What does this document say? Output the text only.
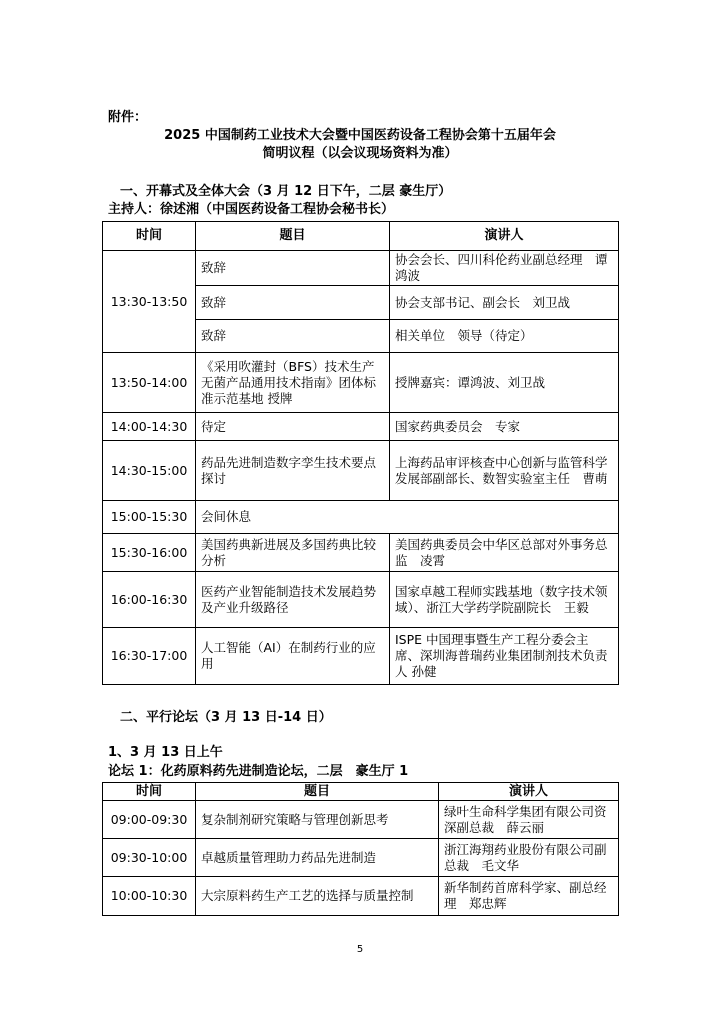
附件：
2025 中国制药工业技术大会暨中国医药设备工程协会第十五届年会
简明议程（以会议现场资料为准）
一、开幕式及全体大会（3 月 12 日下午，二层 豪生厅）
主持人：徐述湘（中国医药设备工程协会秘书长）
时间	题目	演讲人
13:30-13:50	致辞	协会会长、四川科伦药业副总经理　谭鸿波
	致辞	协会支部书记、副会长　刘卫战
	致辞	相关单位　领导（待定）
13:50-14:00	《采用吹灌封（BFS）技术生产无菌产品通用技术指南》团体标准示范基地 授牌	授牌嘉宾：谭鸿波、刘卫战
14:00-14:30	待定	国家药典委员会　专家
14:30-15:00	药品先进制造数字孪生技术要点探讨	上海药品审评核查中心创新与监管科学发展部副部长、数智实验室主任　曹萌
15:00-15:30	会间休息	
15:30-16:00	美国药典新进展及多国药典比较分析	美国药典委员会中华区总部对外事务总监　凌霄
16:00-16:30	医药产业智能制造技术发展趋势及产业升级路径	国家卓越工程师实践基地（数字技术领域）、浙江大学药学院副院长　王毅
16:30-17:00	人工智能（AI）在制药行业的应用	ISPE 中国理事暨生产工程分委会主席、深圳海普瑞药业集团制剂技术负责人 孙健
二、平行论坛（3 月 13 日-14 日）
1、3 月 13 日上午
论坛 1：化药原料药先进制造论坛，二层　豪生厅 1
时间	题目	演讲人
09:00-09:30	复杂制剂研究策略与管理创新思考	绿叶生命科学集团有限公司资深副总裁　薛云丽
09:30-10:00	卓越质量管理助力药品先进制造	浙江海翔药业股份有限公司副总裁　毛文华
10:00-10:30	大宗原料药生产工艺的选择与质量控制	新华制药首席科学家、副总经理　郑忠辉
5
